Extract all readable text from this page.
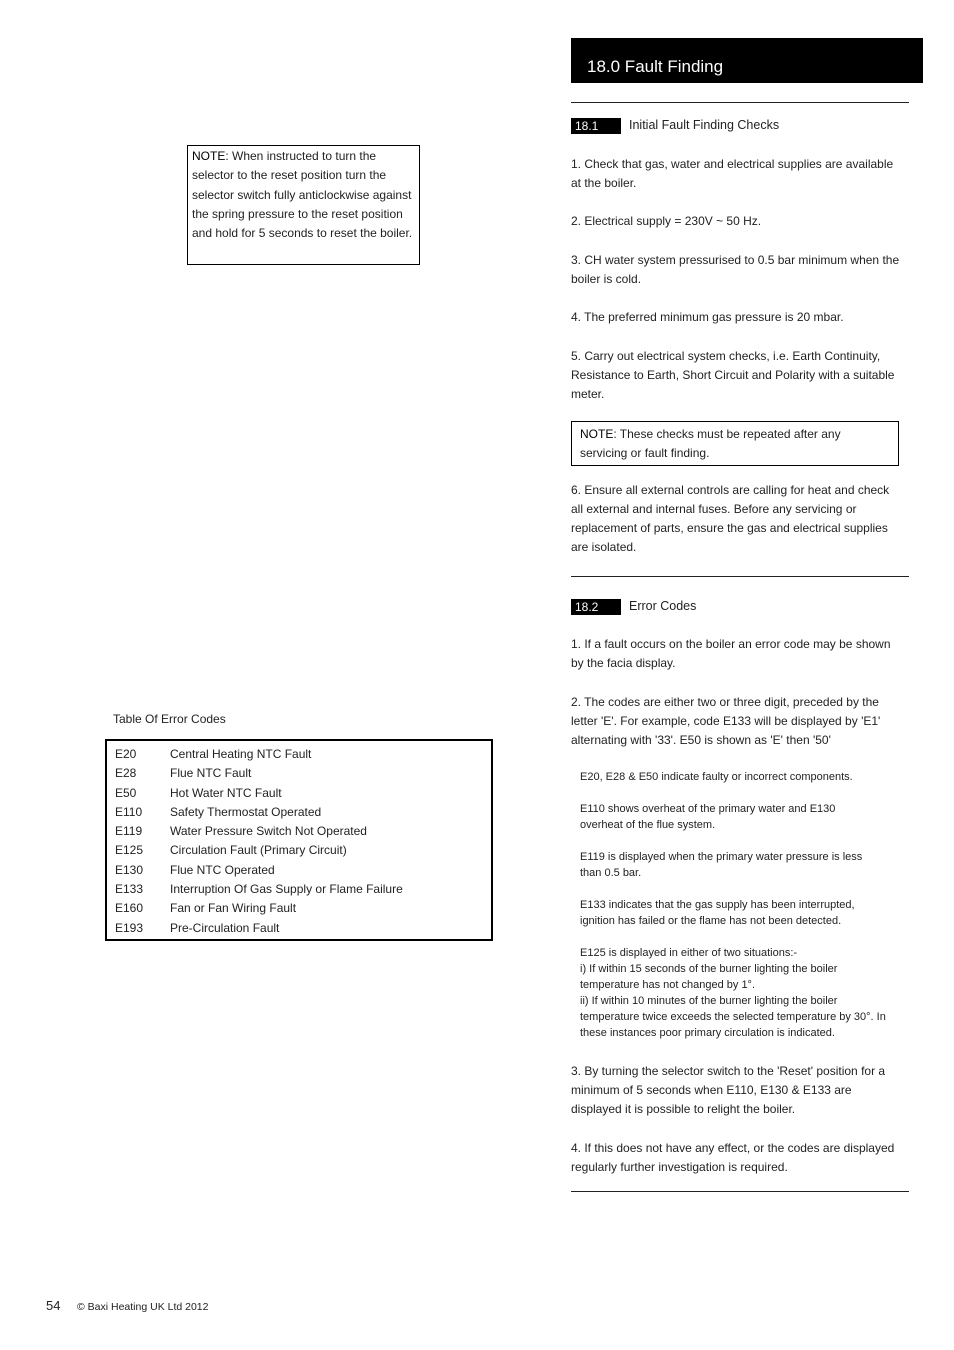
18.0 Fault Finding
NOTE: When instructed to turn the selector to the reset position turn the selector switch fully anticlockwise against the spring pressure to the reset position and hold for 5 seconds to reset the boiler.
Table Of Error Codes
E20	Central Heating NTC Fault
E28	Flue NTC Fault
E50	Hot Water NTC Fault
E110 Safety Thermostat Operated
E119 Water Pressure Switch Not Operated
E125 Circulation Fault (Primary Circuit)
E130 Flue NTC Operated
E133 Interruption Of Gas Supply or Flame Failure
E160 Fan or Fan Wiring Fault
E193 Pre-Circulation Fault
18.1 Initial Fault Finding Checks
1. Check that gas, water and electrical supplies are available at the boiler.
2. Electrical supply = 230V ~ 50 Hz.
3. CH water system pressurised to 0.5 bar minimum when the boiler is cold.
4. The preferred minimum gas pressure is 20 mbar.
5. Carry out electrical system checks, i.e. Earth Continuity, Resistance to Earth, Short Circuit and Polarity with a suitable meter.
NOTE: These checks must be repeated after any servicing or fault finding.
6. Ensure all external controls are calling for heat and check all external and internal fuses. Before any servicing or replacement of parts, ensure the gas and electrical supplies are isolated.
18.2 Error Codes
1. If a fault occurs on the boiler an error code may be shown by the facia display.
2. The codes are either two or three digit, preceded by the letter 'E'. For example, code E133 will be displayed by 'E1' alternating with '33'. E50 is shown as 'E' then '50'
E20, E28 & E50 indicate faulty or incorrect components.
E110 shows overheat of the primary water and E130 overheat of the flue system.
E119 is displayed when the primary water pressure is less than 0.5 bar.
E133 indicates that the gas supply has been interrupted, ignition has failed or the flame has not been detected.
E125 is displayed in either of two situations:-
i) If within 15 seconds of the burner lighting the boiler temperature has not changed by 1°.
ii) If within 10 minutes of the burner lighting the boiler temperature twice exceeds the selected temperature by 30°. In these instances poor primary circulation is indicated.
3. By turning the selector switch to the 'Reset' position for a minimum of 5 seconds when E110, E130 & E133 are displayed it is possible to relight the boiler.
4. If this does not have any effect, or the codes are displayed regularly further investigation is required.
54 © Baxi Heating UK Ltd 2012
